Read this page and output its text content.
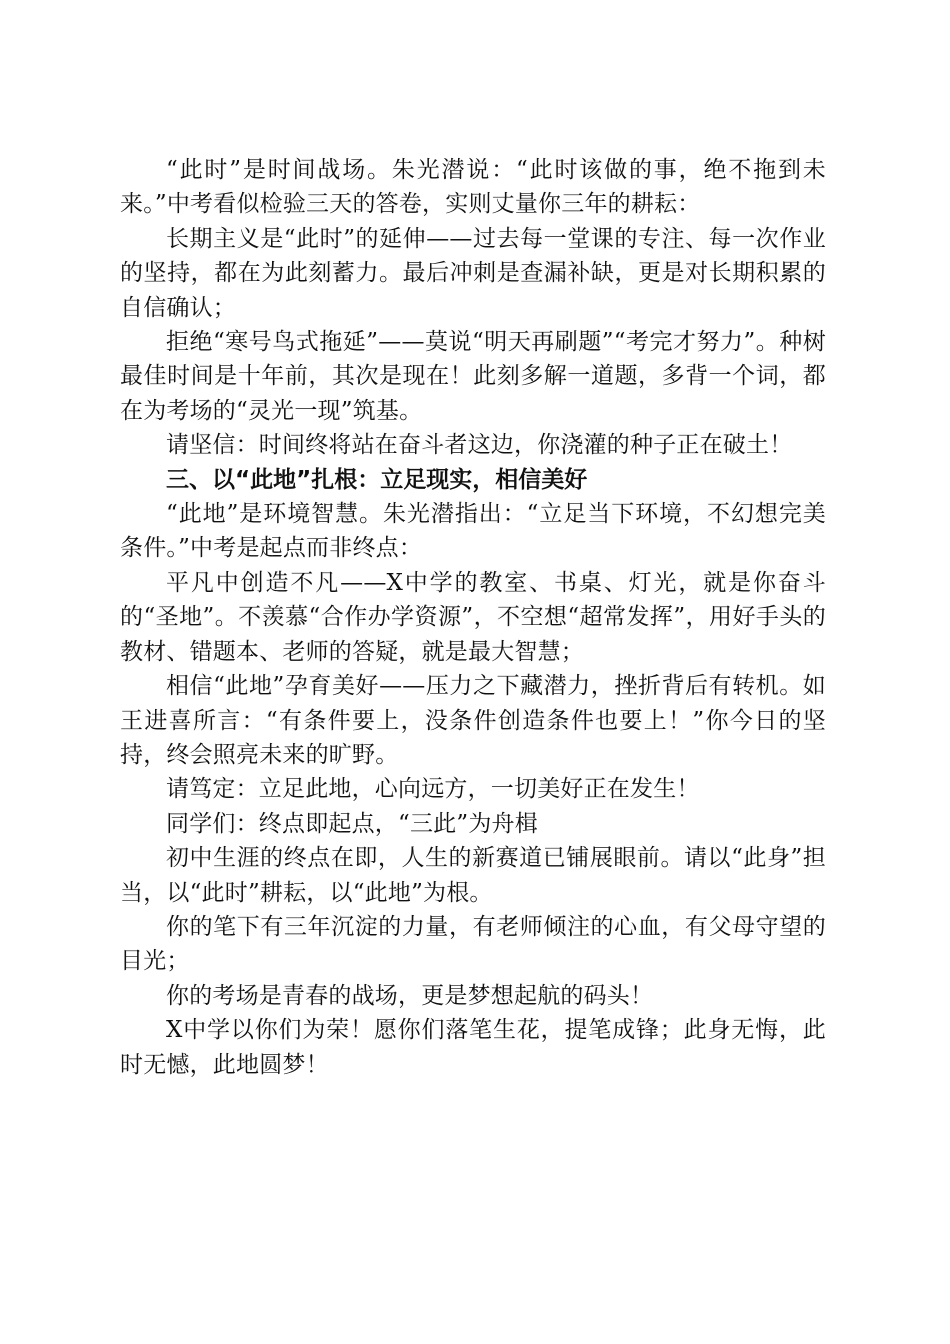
“此时”是时间战场。朱光潜说：“此时该做的事，绝不拖到未来。”中考看似检验三天的答卷，实则丈量你三年的耕耘：

长期主义是“此时”的延伸——过去每一堂课的专注、每一次作业的坚持，都在为此刻蓄力。最后冲刺是查漏补缺，更是对长期积累的自信确认；

拒绝“寒号鸟式拖延”——莫说“明天再刷题”“考完才努力”。种树最佳时间是十年前，其次是现在！此刻多解一道题，多背一个词，都在为考场的“灵光一现”筑基。

请坚信：时间终将站在奋斗者这边，你浇灌的种子正在破土！

三、以“此地”扎根：立足现实，相信美好

“此地”是环境智慧。朱光潜指出：“立足当下环境，不幻想完美条件。”中考是起点而非终点：

平凡中创造不凡——X中学的教室、书桌、灯光，就是你奋斗的“圣地”。不羡慕“合作办学资源”，不空想“超常发挥”，用好手头的教材、错题本、老师的答疑，就是最大智慧；

相信“此地”孕育美好——压力之下藏潜力，挫折背后有转机。如王进喜所言：“有条件要上，没条件创造条件也要上！”你今日的坚持，终会照亮未来的旷野。

请笃定：立足此地，心向远方，一切美好正在发生！

同学们：终点即起点，“三此”为舟楫

初中生涯的终点在即，人生的新赛道已铺展眼前。请以“此身”担当，以“此时”耕耘，以“此地”为根。

你的笔下有三年沉淀的力量，有老师倾注的心血，有父母守望的目光；

你的考场是青春的战场，更是梦想起航的码头！

X中学以你们为荣！愿你们落笔生花，提笔成锋；此身无悔，此时无憾，此地圆梦！
